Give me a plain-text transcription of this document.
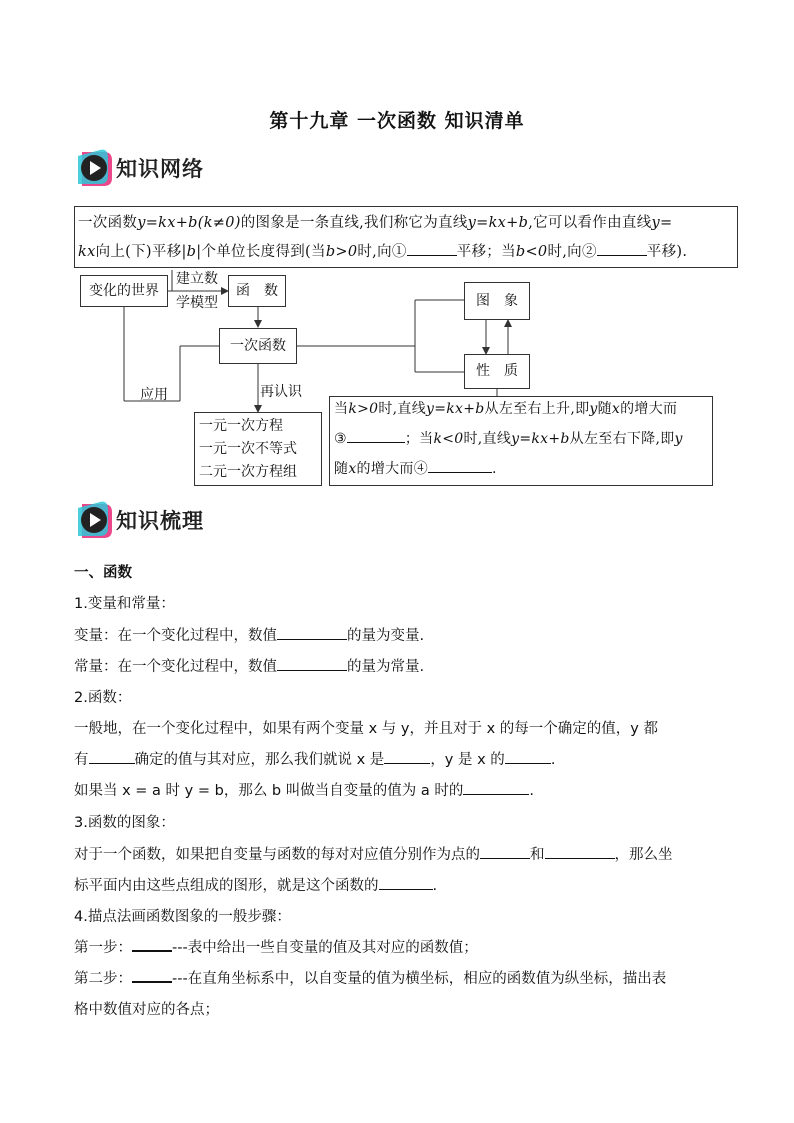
第十九章 一次函数 知识清单
知识网络
一次函数y=kx+b(k≠0)的图象是一条直线,我们称它为直线y=kx+b,它可以看作由直线y=
kx向上(下)平移|b|个单位长度得到(当b>0时,向①	平移；当b<0时,向②	平移).
变化的世界
建立数
学模型
函　数
一次函数
图　象
性　质
应用	再认识
一元一次方程
一元一次不等式
二元一次方程组
当k>0时,直线y=kx+b从左至右上升,即y随x的增大而
③	；当k<0时,直线y=kx+b从左至右下降,即y
随x的增大而④	.
知识梳理
一、函数
1.变量和常量：
变量：在一个变化过程中，数值	的量为变量.
常量：在一个变化过程中，数值	的量为常量.
2.函数：
一般地，在一个变化过程中，如果有两个变量 x 与 y，并且对于 x 的每一个确定的值，y 都
有	确定的值与其对应，那么我们就说 x 是	，y 是 x 的	.
如果当 x = a 时 y = b，那么 b 叫做当自变量的值为 a 时的	.
3.函数的图象：
对于一个函数，如果把自变量与函数的每对对应值分别作为点的	和	，那么坐
标平面内由这些点组成的图形，就是这个函数的	.
4.描点法画函数图象的一般步骤：
第一步：	---表中给出一些自变量的值及其对应的函数值；
第二步：	---在直角坐标系中，以自变量的值为横坐标，相应的函数值为纵坐标，描出表
格中数值对应的各点；
